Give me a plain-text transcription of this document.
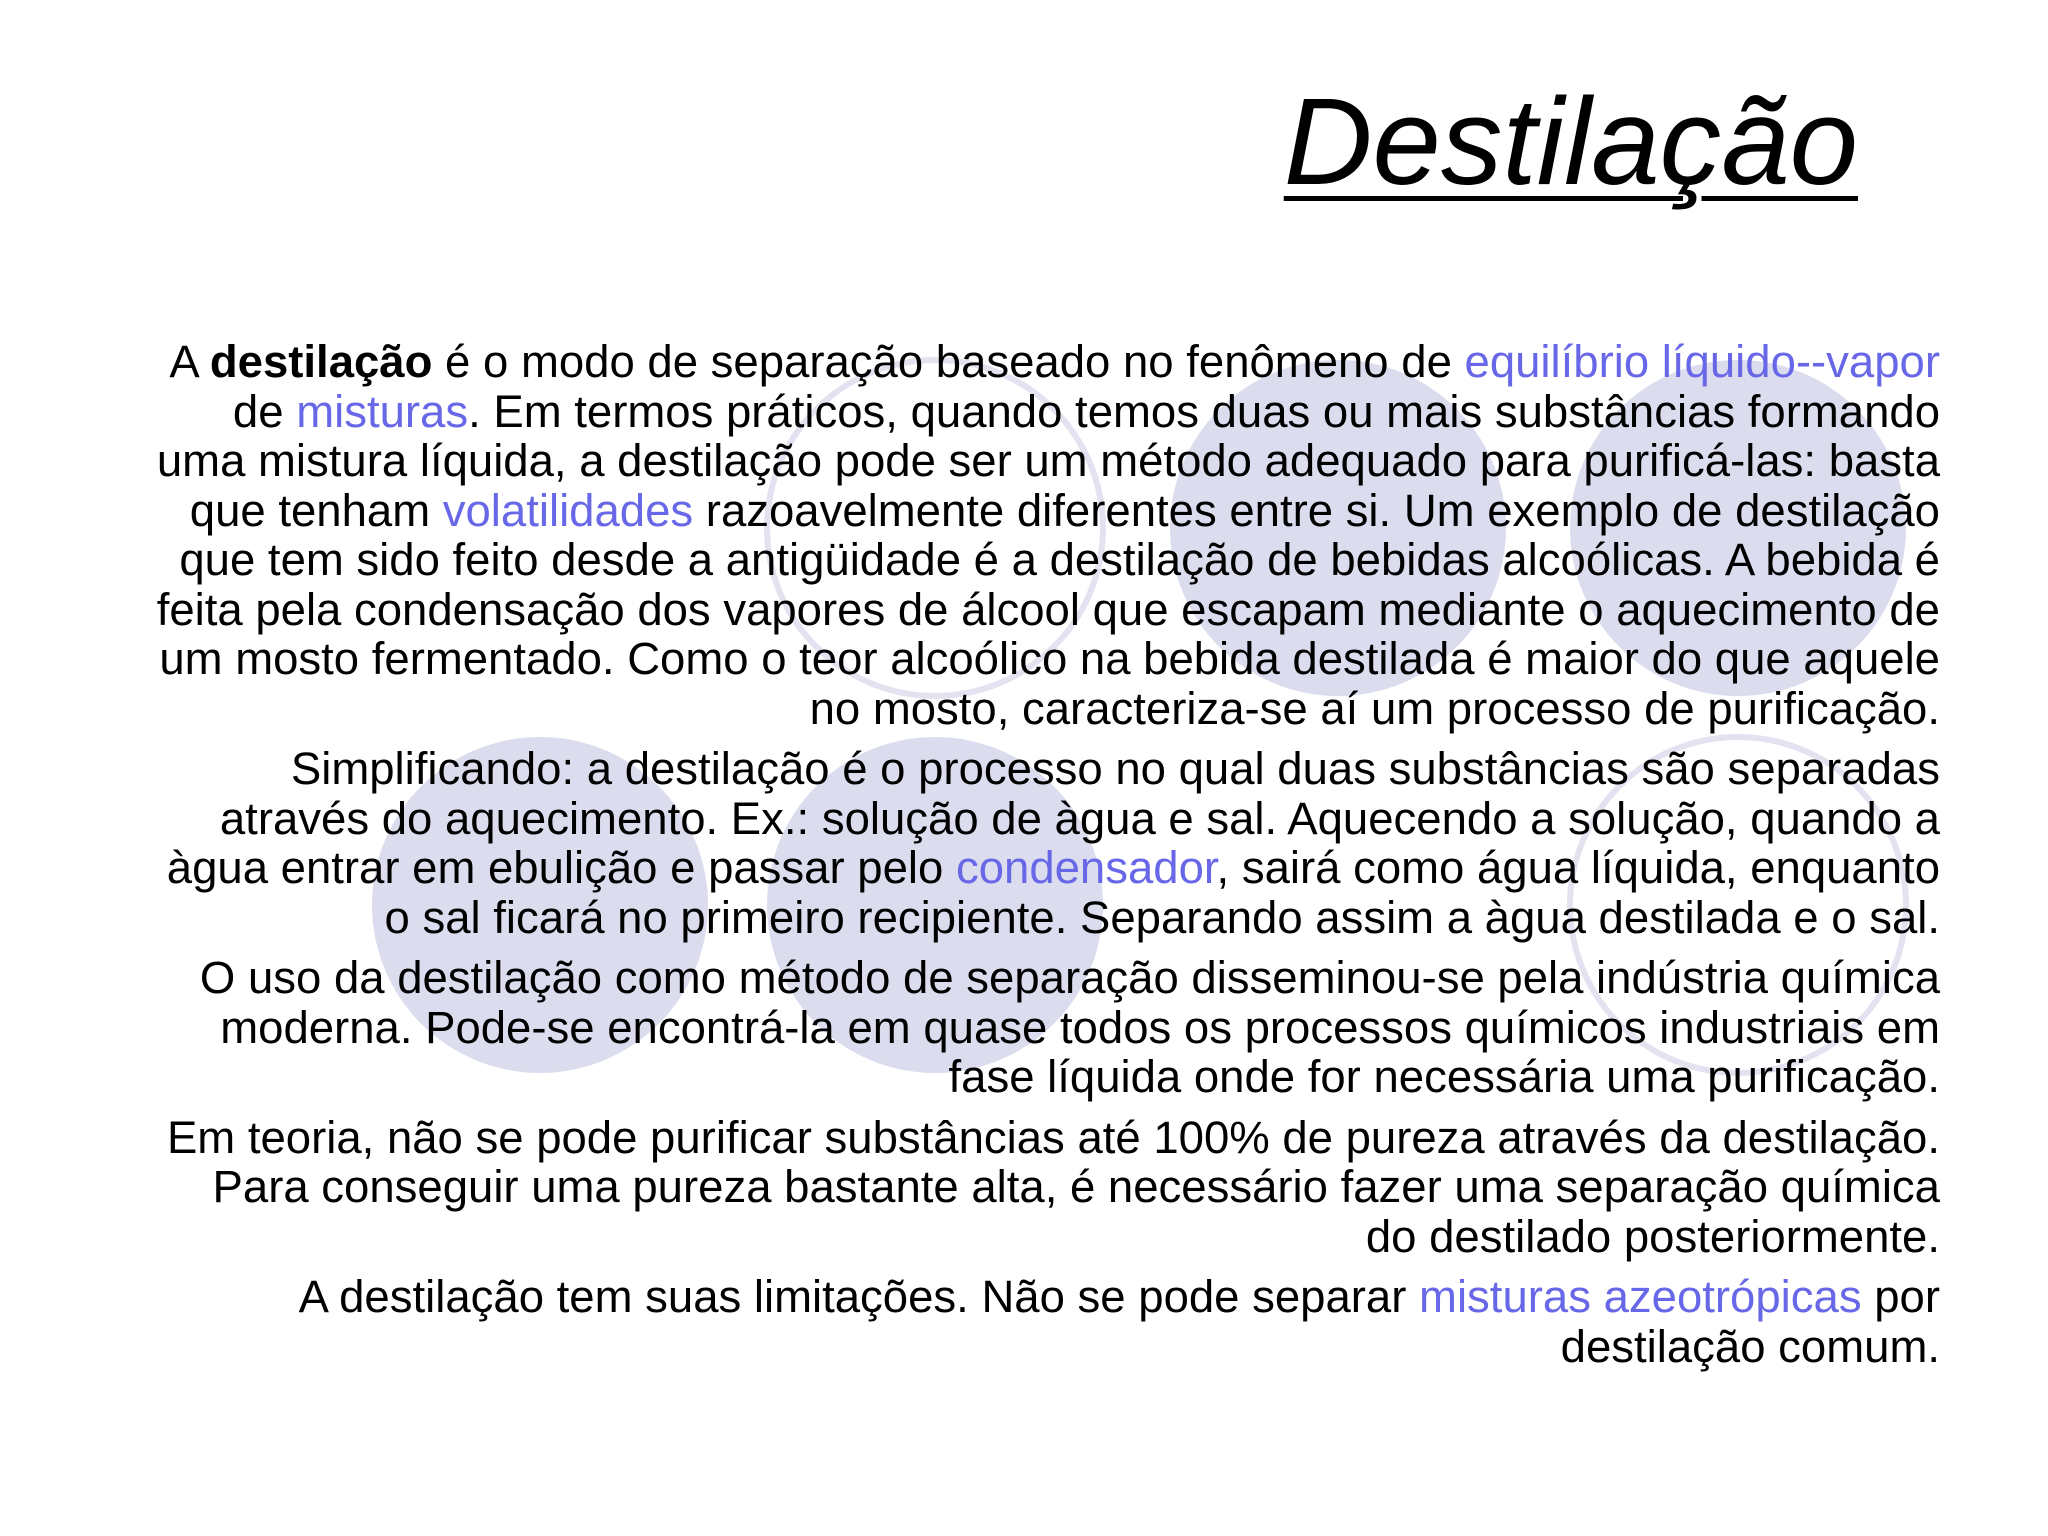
Destilação

A destilação é o modo de separação baseado no fenômeno de equilíbrio líquido--vapor de misturas. Em termos práticos, quando temos duas ou mais substâncias formando uma mistura líquida, a destilação pode ser um método adequado para purificá-las: basta que tenham volatilidades razoavelmente diferentes entre si. Um exemplo de destilação que tem sido feito desde a antigüidade é a destilação de bebidas alcoólicas. A bebida é feita pela condensação dos vapores de álcool que escapam mediante o aquecimento de um mosto fermentado. Como o teor alcoólico na bebida destilada é maior do que aquele no mosto, caracteriza-se aí um processo de purificação.

Simplificando: a destilação é o processo no qual duas substâncias são separadas através do aquecimento. Ex.: solução de àgua e sal. Aquecendo a solução, quando a àgua entrar em ebulição e passar pelo condensador, sairá como água líquida, enquanto o sal ficará no primeiro recipiente. Separando assim a àgua destilada e o sal.

O uso da destilação como método de separação disseminou-se pela indústria química moderna. Pode-se encontrá-la em quase todos os processos químicos industriais em fase líquida onde for necessária uma purificação.

Em teoria, não se pode purificar substâncias até 100% de pureza através da destilação. Para conseguir uma pureza bastante alta, é necessário fazer uma separação química do destilado posteriormente.

A destilação tem suas limitações. Não se pode separar misturas azeotrópicas por destilação comum.
